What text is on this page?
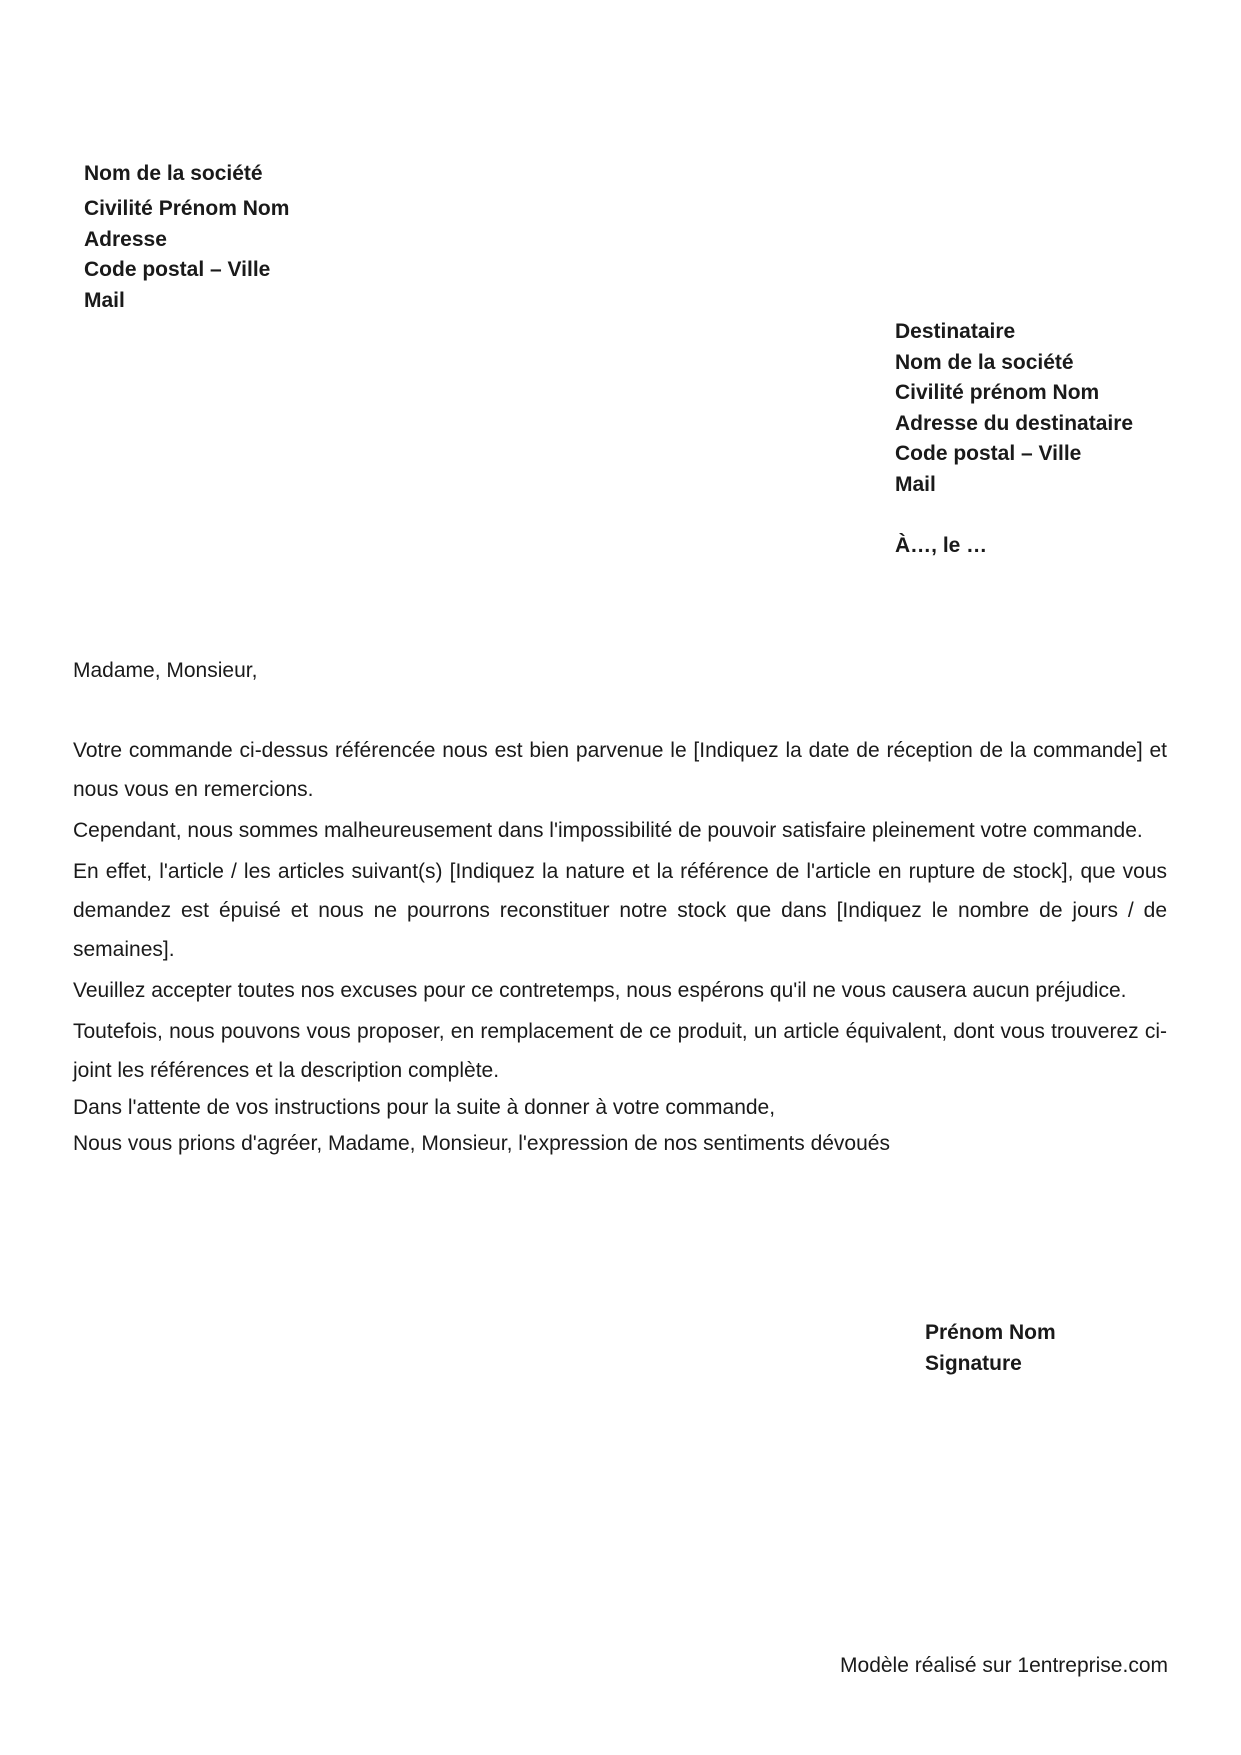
Nom de la société
Civilité Prénom Nom
Adresse
Code postal – Ville
Mail
Destinataire
Nom de la société
Civilité prénom Nom
Adresse du destinataire
Code postal – Ville
Mail
À…, le …
Madame, Monsieur,

Votre commande ci-dessus référencée nous est bien parvenue le [Indiquez la date de réception de la commande] et nous vous en remercions.

Cependant, nous sommes malheureusement dans l'impossibilité de pouvoir satisfaire pleinement votre commande.

En effet, l'article / les articles suivant(s) [Indiquez la nature et la référence de l'article en rupture de stock], que vous demandez est épuisé et nous ne pourrons reconstituer notre stock que dans [Indiquez le nombre de jours / de semaines].

Veuillez accepter toutes nos excuses pour ce contretemps, nous espérons qu'il ne vous causera aucun préjudice.

Toutefois, nous pouvons vous proposer, en remplacement de ce produit, un article équivalent, dont vous trouverez ci-joint les références et la description complète.

Dans l'attente de vos instructions pour la suite à donner à votre commande,

Nous vous prions d'agréer, Madame, Monsieur, l'expression de nos sentiments dévoués

Prénom Nom
Signature
Modèle réalisé sur 1entreprise.com
